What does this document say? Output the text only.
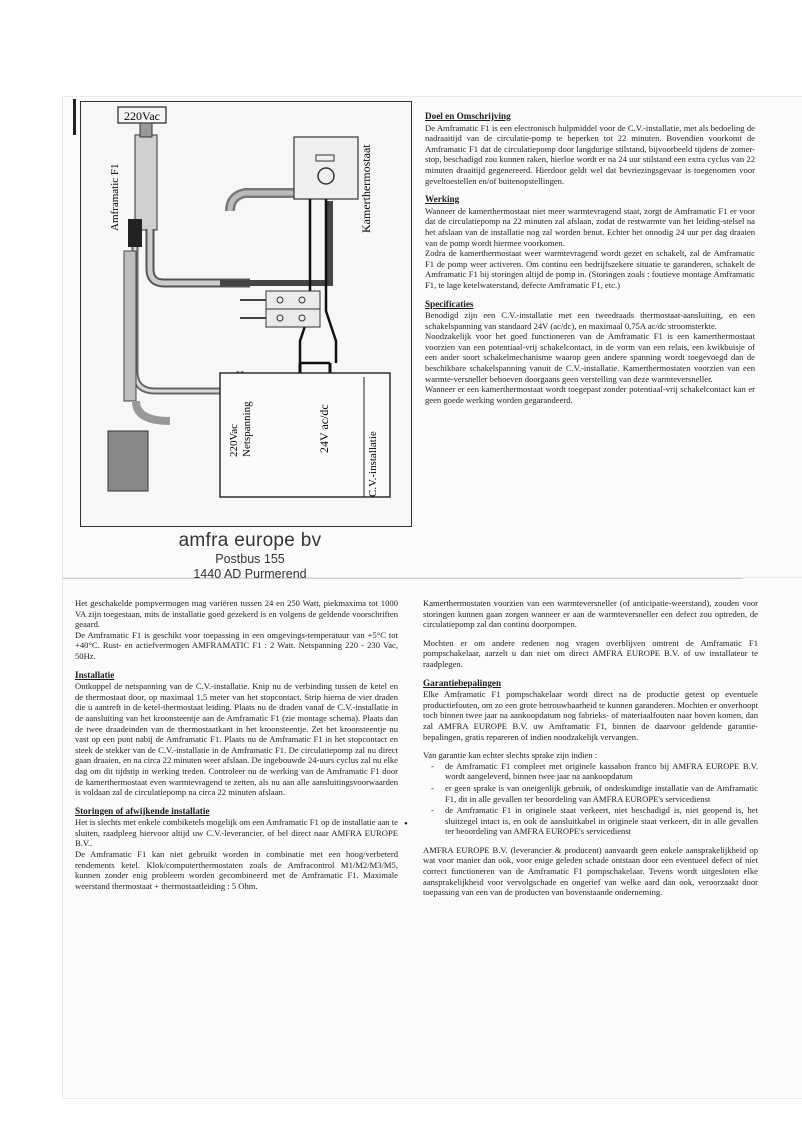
220Vac
Amframatic F1	Kamerthermostaat
220Vac Netspanning	24V ac/dc
C.V.-installatie
amfra europe bv
Postbus 155
1440 AD Purmerend
Doel en Omschrijving

De Amframatic F1 is een electronisch hulpmiddel voor de C.V.-installatie, met als bedoeling de nadraaitijd van de circulatie-pomp te beperken tot 22 minuten. Bovendien voorkomt de Amframatic F1 dat de circulatiepomp door langdurige stilstand, bijvoorbeeld tijdens de zomer-stop, beschadigd zou kunnen raken, hierloe wordt er na 24 uur stilstand een extra cyclus van 22 minuten draaitijd gegenereerd. Hierdoor geldt wel dat bevriezingsgevaar is toegenomen voor geveltoestellen en/of buitenopstellingen.

Werking

Wanneer de kamerthermostaat niet meer warmtevragend staat, zorgt de Amframatic F1 er voor dat de circulatiepomp na 22 minuten zal afslaan, zodat de restwarmte van het leiding-stelsel na het afslaan van de installatie nog zal worden benut. Echter het onnodig 24 uur per dag draaien van de pomp wordt hiermee voorkomen.

Zodra de kamerthermostaat weer warmtevragend wordt gezet en schakelt, zal de Amframatic F1 de pomp weer activeren. Om continu een bedrijfszekere situatie te garanderen, schakelt de Amframatic F1 bij storingen altijd de pomp in. (Storingen zoals : foutieve montage Amframatic F1, te lage ketelwaterstand, defecte Amframatic F1, etc.)

Specificaties

Benodigd zijn een C.V.-installatie met een tweedraads thermostaat-aansluiting, en een schakelspanning van standaard 24V (ac/dc), en maximaal 0,75A ac/dc stroomsterkte.

Noodzakelijk voor het goed functioneren van de Amframatic F1 is een kamerthermostaat voorzien van een potentiaal-vrij schakelcontact, in de vorm van een relais, een kwikbuisje of een ander soort schakelmechanisme waarop geen andere spanning wordt toegevoegd dan de beschikbare schakelspanning vanuit de C.V.-installatie. Kamerthermostaten voorzien van een warmte-versneller behoeven doorgaans geen verstelling van deze warmteversneller.

Wanneer er een kamerthermostaat wordt toegepast zonder potentiaal-vrij schakelcontact kan er geen goede werking worden gegarandeerd.

Het geschakelde pompvermogen mag variëren tussen 24 en 250 Watt, piekmaxima tot 1000 VA zijn toegestaan, mits de installatie goed gezekerd is en volgens de geldende voorschriften geaard.

De Amframatic F1 is geschikt voor toepassing in een omgevings-temperatuur van +5°C tot +40°C. Rust- en actiefvermogen AMFRAMATIC F1 : 2 Watt. Netspanning 220 - 230 Vac, 50Hz.

Installatie

Ontkoppel de netspanning van de C.V.-installatie. Knip nu de verbinding tussen de ketel en de thermostaat door, op maximaal 1,5 meter van het stopcontact. Strip hierna de vier draden die u aantreft in de ketel-thermostaat leiding. Plaats nu de draden vanaf de C.V.-installatie in de aansluiting van het kroonsteentje aan de Amframatic F1 (zie montage schema). Plaats dan de twee draadeinden van de thermostaatkant in het kroonsteentje. Zet het kroonsteentje nu vast op een punt nabij de Amframatic F1. Plaats nu de Amframatic F1 in het stopcontact en steek de stekker van de C.V.-installatie in de Amframatic F1. De circulatiepomp zal nu direct gaan draaien, en na circa 22 minuten weer afslaan. De ingebouwde 24-uurs cyclus zal nu elke dag om dit tijdstip in werking treden. Controleer nu de werking van de Amframatic F1 door de kamerthermostaat even warmtevragend te zetten, als nu aan alle aansluitingsvoorwaarden is voldaan zal de circulatiepomp na circa 22 minuten afslaan.

Storingen of afwijkende installatie

Het is slechts met enkele combiketels mogelijk om een Amframatic F1 op de installatie aan te sluiten, raadpleeg hiervoor altijd uw C.V.-leverancier, of bel direct naar AMFRA EUROPE B.V..

De Amframatic F1 kan niet gebruikt worden in combinatie met een hoog/verbeterd rendements ketel. Klok/computerthermostaten zoals de Amfracontrol M1/M2/M3/M5, kunnen zonder enig probleem worden gecombineerd met de Amframatic F1. Maximale weerstand thermostaat + thermostaatleiding : 5 Ohm.

Kamerthermostaten voorzien van een warmteversneller (of anticipatie-weerstand), zouden voor storingen kunnen gaan zorgen wanneer er aan de warmteversneller een defect zou optreden, de circulatiepomp zal dan continu doorpompen.

Mochten er om andere redenen nog vragen overblijven omtrent de Amframatic F1 pompschakelaar, aarzelt u dan niet om direct AMFRA EUROPE B.V. of uw installateur te raadplegen.

Garantiebepalingen

Elke Amframatic F1 pompschakelaar wordt direct na de productie getest op eventuele productiefouten, om zo een grote betrouwbaarheid te kunnen garanderen. Mochten er onverhoopt toch binnen twee jaar na aankoopdatum nog fabrieks- of materiaalfouten naar boven komen, dan zal AMFRA EUROPE B.V. uw Amframatic F1, binnen de daarvoor geldende garantie-bepalingen, gratis repareren of indien noodzakelijk vervangen.

Van garantie kan echter slechts sprake zijn indien :

- de Amframatic F1 compleet met originele kassabon franco bij AMFRA EUROPE B.V. wordt aangeleverd, binnen twee jaar na aankoopdatum
- er geen sprake is van oneigenlijk gebruik, of ondeskundige installatie van de Amframatic F1, dit in alle gevallen ter beoordeling van AMFRA EUROPE's servicedienst
- de Amframatic F1 in originele staat verkeert, niet beschadigd is, niet geopend is, het sluitzegel intact is, en ook de aansluitkabel in originele staat verkeert, dit in alle gevallen ter beoordeling van AMFRA EUROPE's servicedienst

AMFRA EUROPE B.V. (leverancier & producent) aanvaardt geen enkele aansprakelijkheid op wat voor manier dan ook, voor enige geleden schade ontstaan door een eventueel defect of niet correct functioneren van de Amframatic F1 pompschakelaar. Tevens wordt uitgesloten elke aansprakelijkheid voor vervolgschade en ongerief van welke aard dan ook, veroorzaakt door toepassing van een van de producten van bovenstaande onderneming.

•
